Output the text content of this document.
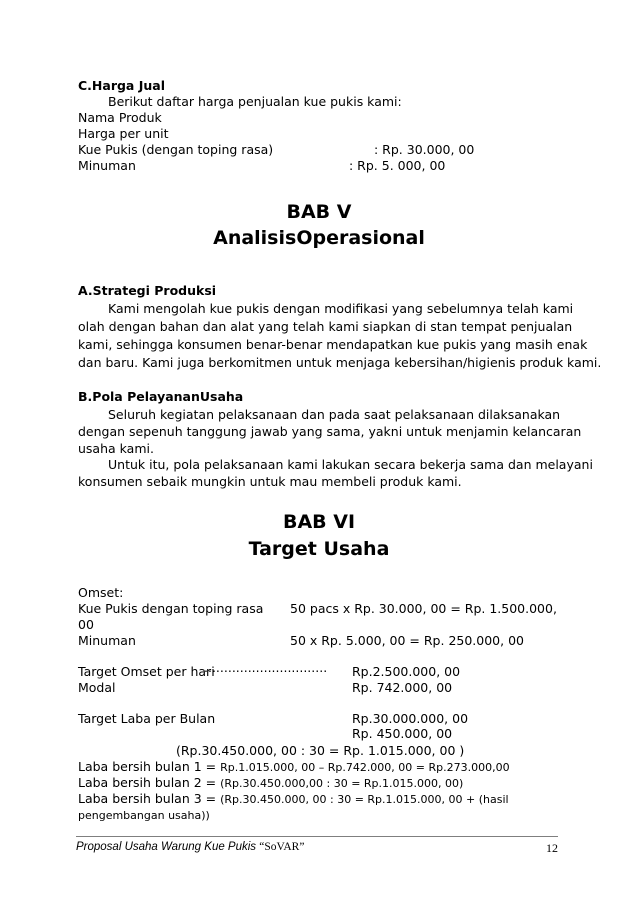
C.Harga Jual
Berikut daftar harga penjualan kue pukis kami:
Nama Produk
Harga per unit
Kue Pukis (dengan toping rasa)	: Rp. 30.000, 00
Minuman	: Rp. 5. 000, 00
BAB V
AnalisisOperasional
A.Strategi Produksi
Kami mengolah kue pukis dengan modifikasi yang sebelumnya telah kami
olah dengan bahan dan alat yang telah kami siapkan di stan tempat penjualan
kami, sehingga konsumen benar-benar mendapatkan kue pukis yang masih enak
dan baru. Kami juga berkomitmen untuk menjaga kebersihan/higienis produk kami.
B.Pola PelayananUsaha
Seluruh kegiatan pelaksanaan dan pada saat pelaksanaan dilaksanakan
dengan sepenuh tanggung jawab yang sama, yakni untuk menjamin kelancaran
usaha kami.
Untuk itu, pola pelaksanaan kami lakukan secara bekerja sama dan melayani
konsumen sebaik mungkin untuk mau membeli produk kami.
BAB VI
Target Usaha
Omset:
Kue Pukis dengan toping rasa 50 pacs x Rp. 30.000, 00 = Rp. 1.500.000,
00
Minuman	50 x Rp. 5.000, 00 = Rp. 250.000, 00
Target Omset per hari
............................... Rp.2.500.000, 00
Modal	Rp. 742.000, 00
Target Laba per Bulan	Rp.30.000.000, 00
Rp. 450.000, 00
(Rp.30.450.000, 00 : 30 = Rp. 1.015.000, 00 )
Laba bersih bulan 1 = Rp.1.015.000, 00 – Rp.742.000, 00 = Rp.273.000,00
Laba bersih bulan 2 = (Rp.30.450.000,00 : 30 = Rp.1.015.000, 00)
Laba bersih bulan 3 = (Rp.30.450.000, 00 : 30 = Rp.1.015.000, 00 + (hasil
pengembangan usaha))
Proposal Usaha Warung Kue Pukis “SoVAR”	12
